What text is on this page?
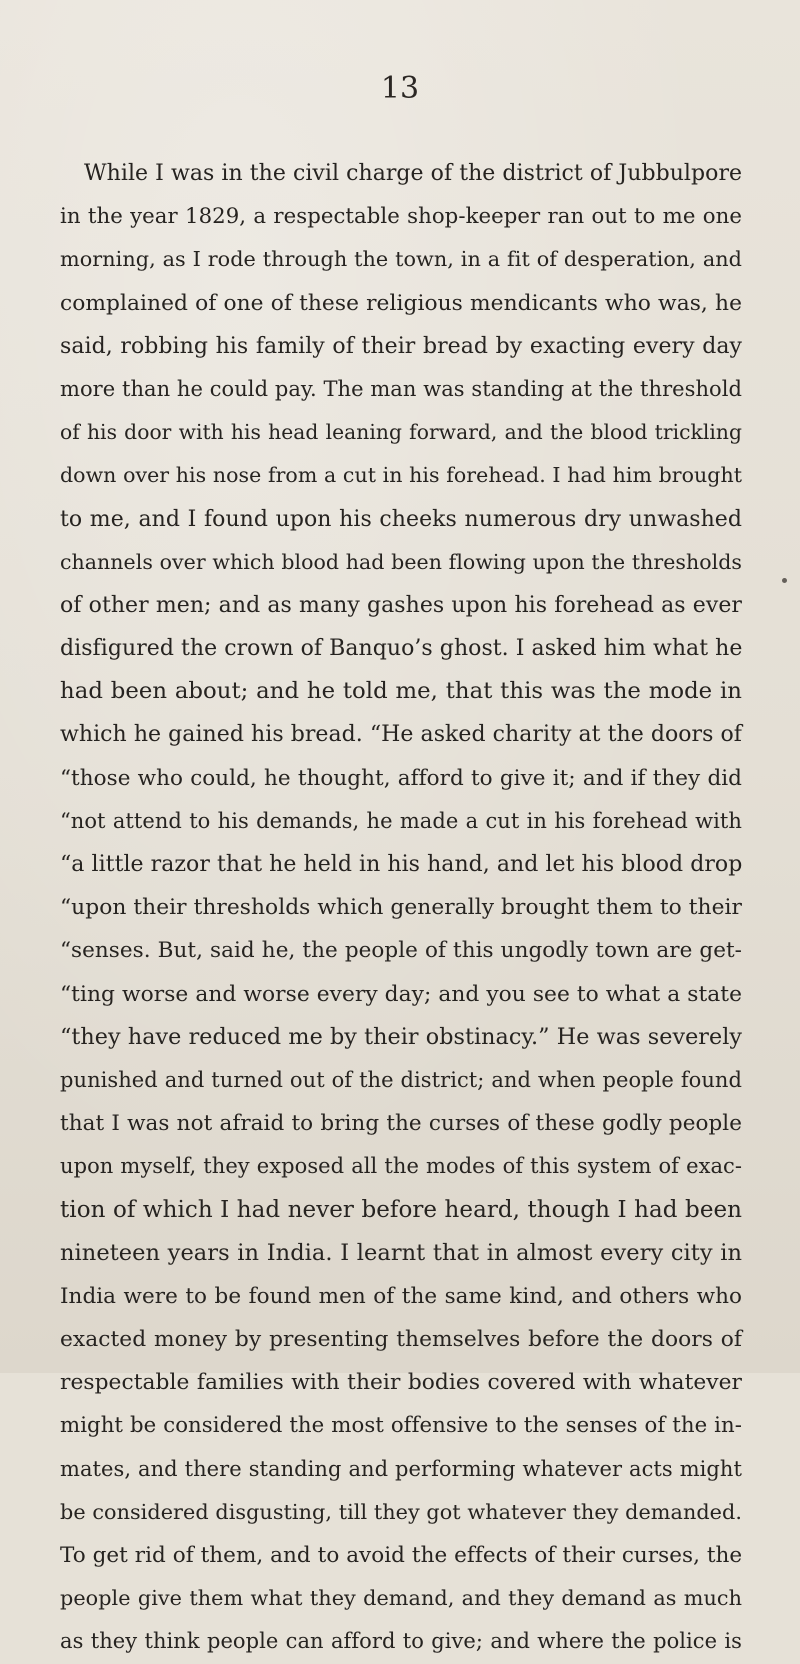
13
While I was in the civil charge of the district of Jubbulpore
in the year 1829, a respectable shop-keeper ran out to me one
morning, as I rode through the town, in a fit of desperation, and
complained of one of these religious mendicants who was, he
said, robbing his family of their bread by exacting every day
more than he could pay. The man was standing at the threshold
of his door with his head leaning forward, and the blood trickling
down over his nose from a cut in his forehead. I had him brought
to me, and I found upon his cheeks numerous dry unwashed
channels over which blood had been flowing upon the thresholds
of other men; and as many gashes upon his forehead as ever
disfigured the crown of Banquo’s ghost. I asked him what he
had been about; and he told me, that this was the mode in
which he gained his bread. “He asked charity at the doors of
“those who could, he thought, afford to give it; and if they did
“not attend to his demands, he made a cut in his forehead with
“a little razor that he held in his hand, and let his blood drop
“upon their thresholds which generally brought them to their
“senses. But, said he, the people of this ungodly town are get-
“ting worse and worse every day; and you see to what a state
“they have reduced me by their obstinacy.” He was severely
punished and turned out of the district; and when people found
that I was not afraid to bring the curses of these godly people
upon myself, they exposed all the modes of this system of exac-
tion of which I had never before heard, though I had been
nineteen years in India. I learnt that in almost every city in
India were to be found men of the same kind, and others who
exacted money by presenting themselves before the doors of
respectable families with their bodies covered with whatever
might be considered the most offensive to the senses of the in-
mates, and there standing and performing whatever acts might
be considered disgusting, till they got whatever they demanded.
To get rid of them, and to avoid the effects of their curses, the
people give them what they demand, and they demand as much
as they think people can afford to give; and where the police is
